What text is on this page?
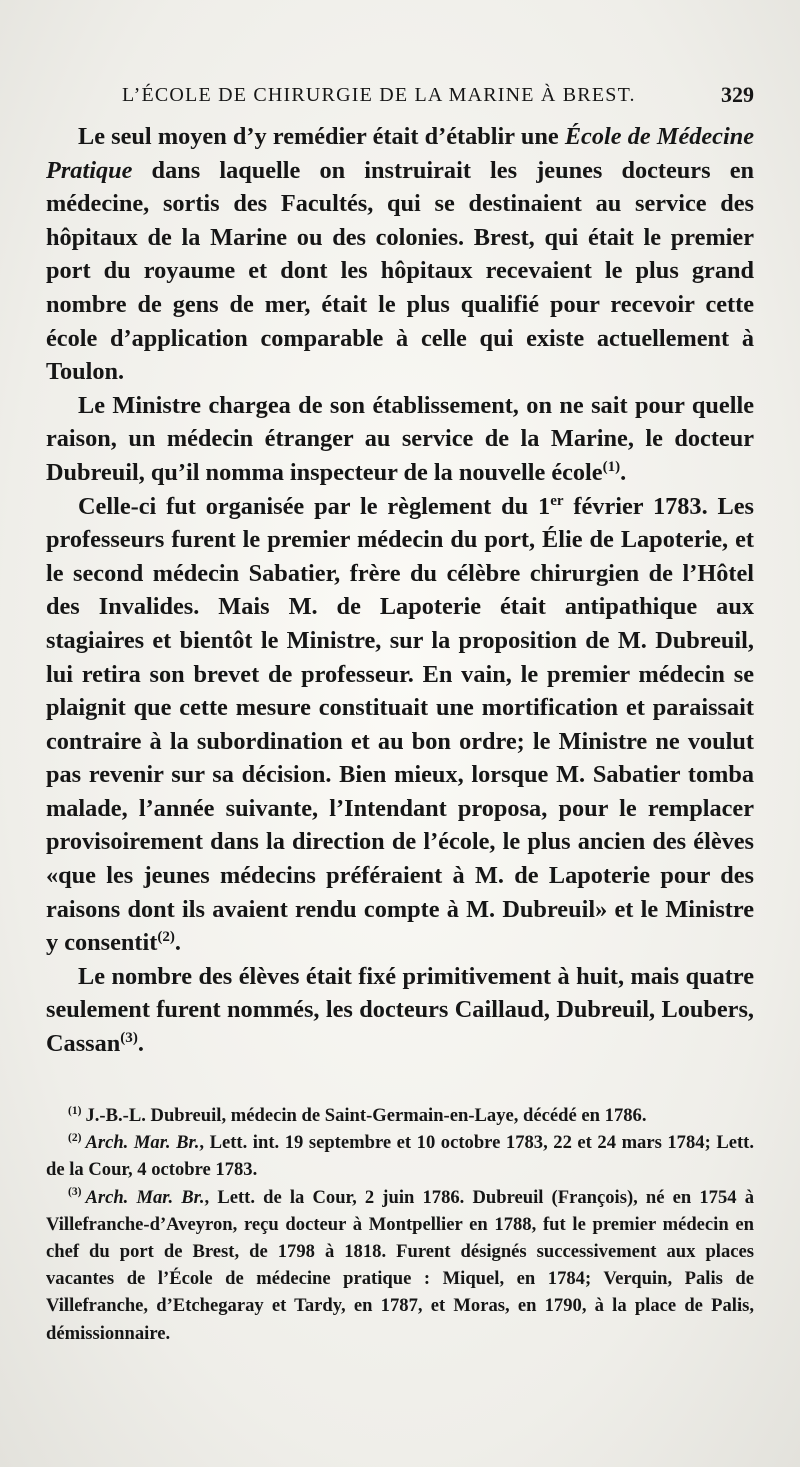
L’ÉCOLE DE CHIRURGIE DE LA MARINE À BREST.	329

Le seul moyen d’y remédier était d’établir une École de Médecine Pratique dans laquelle on instruirait les jeunes docteurs en médecine, sortis des Facultés, qui se destinaient au service des hôpitaux de la Marine ou des colonies. Brest, qui était le premier port du royaume et dont les hôpitaux recevaient le plus grand nombre de gens de mer, était le plus qualifié pour recevoir cette école d’application comparable à celle qui existe actuellement à Toulon.

Le Ministre chargea de son établissement, on ne sait pour quelle raison, un médecin étranger au service de la Marine, le docteur Dubreuil, qu’il nomma inspecteur de la nouvelle école$^{(1)}$.

Celle-ci fut organisée par le règlement du 1er février 1783. Les professeurs furent le premier médecin du port, Élie de Lapoterie, et le second médecin Sabatier, frère du célèbre chirurgien de l’Hôtel des Invalides. Mais M. de Lapoterie était antipathique aux stagiaires et bientôt le Ministre, sur la proposition de M. Dubreuil, lui retira son brevet de professeur. En vain, le premier médecin se plaignit que cette mesure constituait une mortification et paraissait contraire à la subordination et au bon ordre; le Ministre ne voulut pas revenir sur sa décision. Bien mieux, lorsque M. Sabatier tomba malade, l’année suivante, l’Intendant proposa, pour le remplacer provisoirement dans la direction de l’école, le plus ancien des élèves «que les jeunes médecins préféraient à M. de Lapoterie pour des raisons dont ils avaient rendu compte à M. Dubreuil» et le Ministre y consentit$^{(2)}$.

Le nombre des élèves était fixé primitivement à huit, mais quatre seulement furent nommés, les docteurs Caillaud, Dubreuil, Loubers, Cassan$^{(3)}$.

$^{(1)}$ J.-B.-L. Dubreuil, médecin de Saint-Germain-en-Laye, décédé en 1786.

$^{(2)}$ Arch. Mar. Br., Lett. int. 19 septembre et 10 octobre 1783, 22 et 24 mars 1784; Lett. de la Cour, 4 octobre 1783.

$^{(3)}$ Arch. Mar. Br., Lett. de la Cour, 2 juin 1786. Dubreuil (François), né en 1754 à Villefranche-d’Aveyron, reçu docteur à Montpellier en 1788, fut le premier médecin en chef du port de Brest, de 1798 à 1818. Furent désignés successivement aux places vacantes de l’École de médecine pratique : Miquel, en 1784; Verquin, Palis de Villefranche, d’Etchegaray et Tardy, en 1787, et Moras, en 1790, à la place de Palis, démissionnaire.
